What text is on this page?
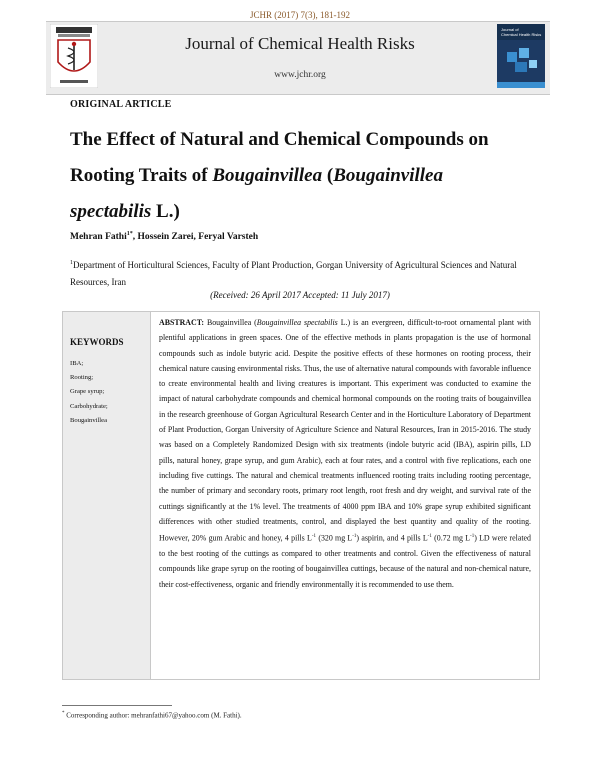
JCHR (2017) 7(3), 181-192
Journal of Chemical Health Risks
www.jchr.org
Journal of
Chemical Health Risks
ORIGINAL ARTICLE
The Effect of Natural and Chemical Compounds on
Rooting Traits of Bougainvillea (Bougainvillea
spectabilis L.)
Mehran Fathi$^{1*}$, Hossein Zarei, Feryal Varsteh
$^1$Department of Horticultural Sciences, Faculty of Plant Production, Gorgan University of Agricultural Sciences and Natural Resources, Iran
(Received: 26 April 2017 Accepted: 11 July 2017)
KEYWORDS
IBA;
Rooting;
Grape syrup;
Carbohydrate;
Bougainvillea

ABSTRACT: Bougainvillea (Bougainvillea spectabilis L.) is an evergreen, difficult-to-root ornamental plant with plentiful applications in green spaces. One of the effective methods in plants propagation is the use of hormonal compounds such as indole butyric acid. Despite the positive effects of these hormones on rooting process, their chemical nature causing environmental risks. Thus, the use of alternative natural compounds with favorable influence to create environmental health and living creatures is important. This experiment was conducted to examine the impact of natural carbohydrate compounds and chemical hormonal compounds on the rooting traits of bougainvillea in the research greenhouse of Gorgan Agricultural Research Center and in the Horticulture Laboratory of Department of Plant Production, Gorgan University of Agriculture Science and Natural Resources, Iran in 2015-2016. The study was based on a Completely Randomized Design with six treatments (indole butyric acid (IBA), aspirin pills, LD pills, natural honey, grape syrup, and gum Arabic), each at four rates, and a control with five replications, each one including five cuttings. The natural and chemical treatments influenced rooting traits including rooting percentage, the number of primary and secondary roots, primary root length, root fresh and dry weight, and survival rate of the cuttings significantly at the 1% level. The treatments of 4000 ppm IBA and 10% grape syrup exhibited significant differences with other studied treatments, control, and displayed the best quantity and quality of the rooting. However, 20% gum Arabic and honey, 4 pills $L^{-1}$ (320 mg $L^{-1}$) aspirin, and 4 pills $L^{-1}$ (0.72 mg $L^{-1}$) LD were related to the best rooting of the cuttings as compared to other treatments and control. Given the effectiveness of natural compounds like grape syrup on the rooting of bougainvillea cuttings, because of the natural and non-chemical nature, their cost-effectiveness, organic and friendly environmentally it is recommended to use them.

* Corresponding author: mehranfathi67@yahoo.com (M. Fathi).
